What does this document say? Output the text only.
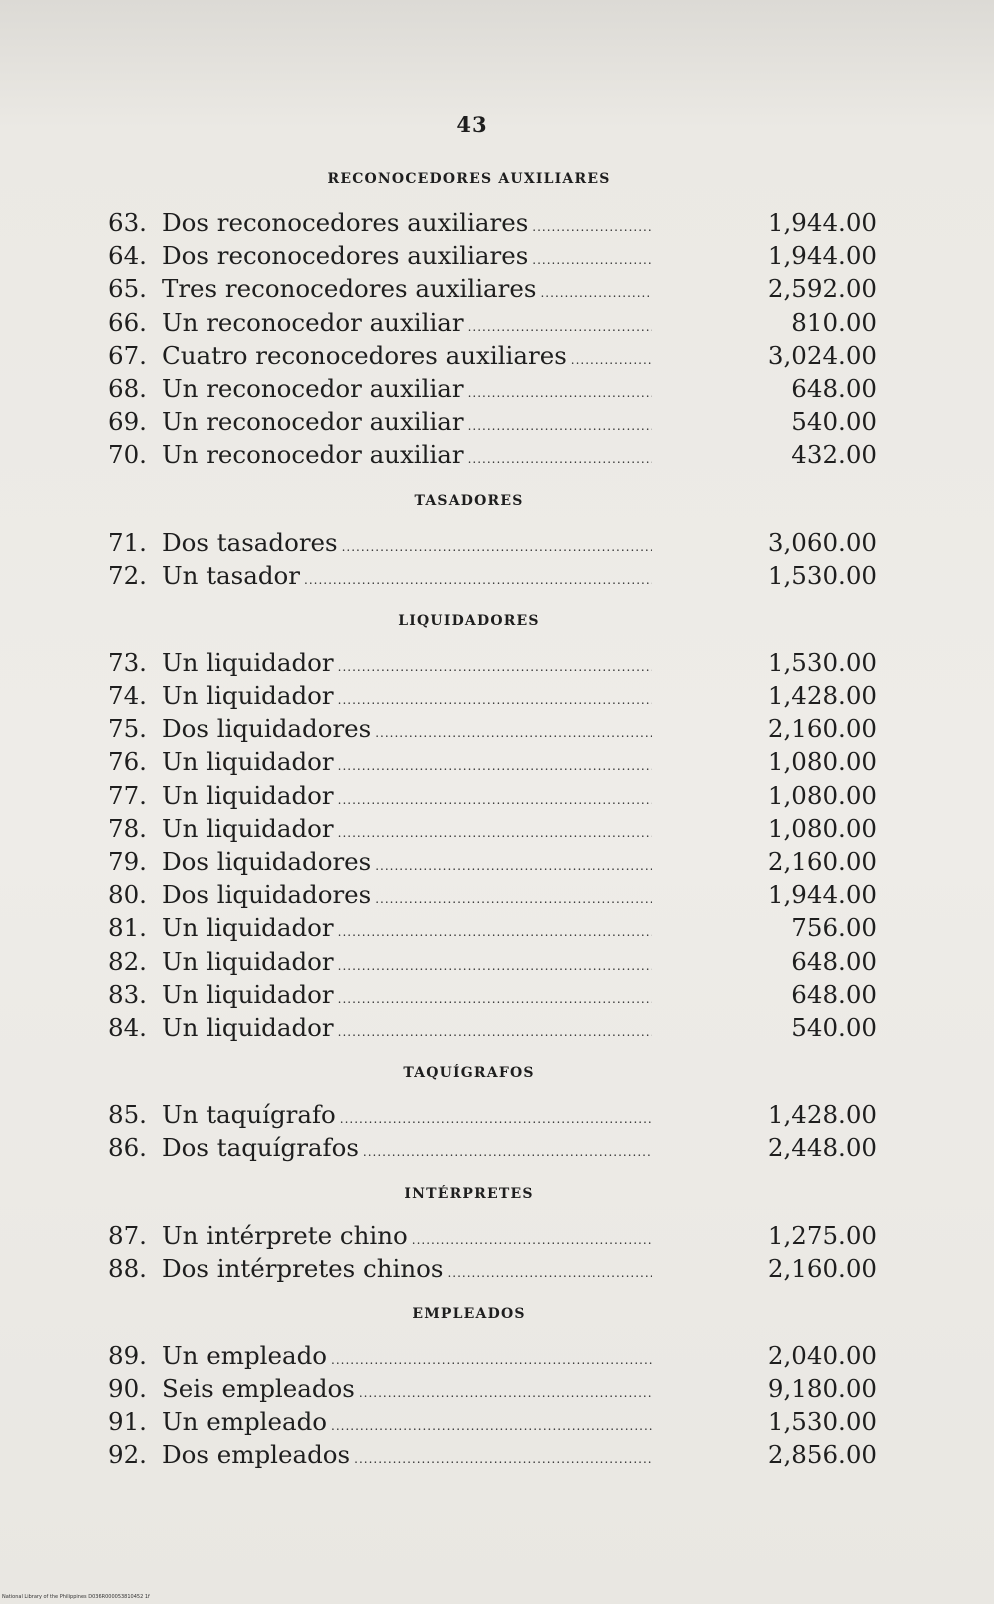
43
RECONOCEDORES AUXILIARES
63. Dos reconocedores auxiliares .....	1,944.00
64. Dos reconocedores auxiliares .....	1,944.00
65. Tres reconocedores auxiliares .....	2,592.00
66. Un reconocedor auxiliar .....	810.00
67. Cuatro reconocedores auxiliares .....	3,024.00
68. Un reconocedor auxiliar .....	648.00
69. Un reconocedor auxiliar .....	540.00
70. Un reconocedor auxiliar .....	432.00
TASADORES
71. Dos tasadores .....	3,060.00
72. Un tasador .....	1,530.00
LIQUIDADORES
73. Un liquidador .....	1,530.00
74. Un liquidador .....	1,428.00
75. Dos liquidadores .....	2,160.00
76. Un liquidador .....	1,080.00
77. Un liquidador .....	1,080.00
78. Un liquidador .....	1,080.00
79. Dos liquidadores .....	2,160.00
80. Dos liquidadores .....	1,944.00
81. Un liquidador .....	756.00
82. Un liquidador .....	648.00
83. Un liquidador .....	648.00
84. Un liquidador .....	540.00
TAQUÍGRAFOS
85. Un taquígrafo .....	1,428.00
86. Dos taquígrafos .....	2,448.00
INTÉRPRETES
87. Un intérprete chino .....	1,275.00
88. Dos intérpretes chinos .....	2,160.00
EMPLEADOS
89. Un empleado .....	2,040.00
90. Seis empleados .....	9,180.00
91. Un empleado .....	1,530.00
92. Dos empleados .....	2,856.00
National Library of the Philippines D036R000053810452 1f
